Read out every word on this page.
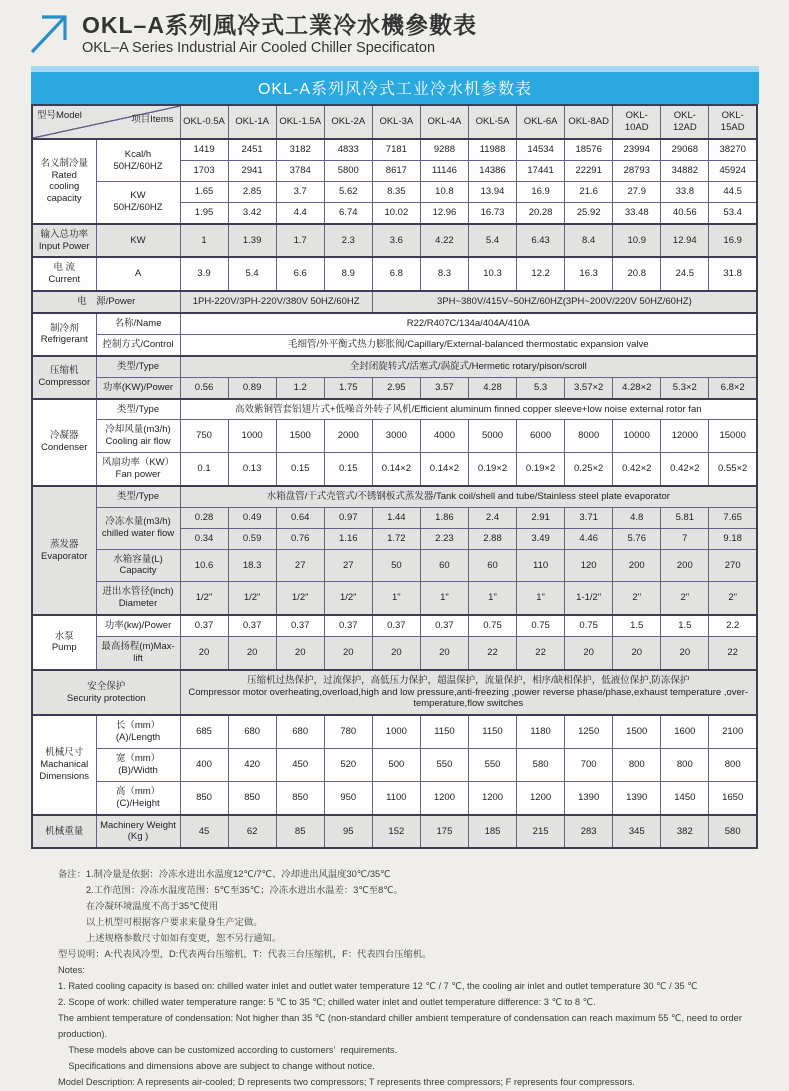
OKL–A系列風冷式工業冷水機參數表
OKL–A Series Industrial Air Cooled Chiller Specificaton
OKL-A系列风冷式工业冷水机参数表
型号Model 项目Items		OKL-0.5A	OKL-1A	OKL-1.5A	OKL-2A	OKL-3A	OKL-4A	OKL-5A	OKL-6A	OKL-8AD	OKL-10AD	OKL-12AD	OKL-15AD
名义制冷量
Rated
cooling
capacity	Kcal/h
50HZ/60HZ	1419	2451	3182	4833	7181	9288	11988	14534	18576	23994	29068	38270
		1703	2941	3784	5800	8617	11146	14386	17441	22291	28793	34882	45924
	KW
50HZ/60HZ	1.65	2.85	3.7	5.62	8.35	10.8	13.94	16.9	21.6	27.9	33.8	44.5
		1.95	3.42	4.4	6.74	10.02	12.96	16.73	20.28	25.92	33.48	40.56	53.4
输入总功率
Input Power	KW	1	1.39	1.7	2.3	3.6	4.22	5.4	6.43	8.4	10.9	12.94	16.9
电 流
Current	A	3.9	5.4	6.6	8.9	6.8	8.3	10.3	12.2	16.3	20.8	24.5	31.8
电　源/Power		1PH-220V/3PH-220V/380V 50HZ/60HZ				3PH~380V/415V~50HZ/60HZ(3PH~200V/220V 50HZ/60HZ)							
制冷剂
Refrigerant	名称/Name	R22/R407C/134a/404A/410A											
	控制方式/Control	毛细管/外平衡式热力膨胀阀/Capillary/External-balanced thermostatic expansion valve											
压缩机
Compressor	类型/Type	全封闭旋转式/活塞式/涡旋式/Hermetic rotary/pison/scroll											
	功率(KW)/Power	0.56	0.89	1.2	1.75	2.95	3.57	4.28	5.3	3.57×2	4.28×2	5.3×2	6.8×2
冷凝器
Condenser	类型/Type	高效紫铜管套铝翅片式+低噪音外转子风机/Efficient aluminum finned copper sleeve+low noise external rotor fan											
	冷却风量(m3/h)
Cooling air flow	750	1000	1500	2000	3000	4000	5000	6000	8000	10000	12000	15000
	风扇功率（KW）
Fan power	0.1	0.13	0.15	0.15	0.14×2	0.14×2	0.19×2	0.19×2	0.25×2	0.42×2	0.42×2	0.55×2
蒸发器
Evaporator	类型/Type	水箱盘管/干式壳管式/不锈钢板式蒸发器/Tank coil/shell and tube/Stainless steel plate evaporator											
	冷冻水量(m3/h)
chilled water flow	0.28	0.49	0.64	0.97	1.44	1.86	2.4	2.91	3.71	4.8	5.81	7.65
		0.34	0.59	0.76	1.16	1.72	2.23	2.88	3.49	4.46	5.76	7	9.18
	水箱容量(L)
Capacity	10.6	18.3	27	27	50	60	60	110	120	200	200	270
	进出水管径(inch)
Diameter	1/2"	1/2"	1/2"	1/2"	1"	1"	1"	1"	1-1/2"	2"	2"	2"
水泵
Pump	功率(kw)/Power	0.37	0.37	0.37	0.37	0.37	0.37	0.75	0.75	0.75	1.5	1.5	2.2
	最高扬程(m)Max-lift	20	20	20	20	20	20	22	22	20	20	20	22
安全保护
Security protection		压缩机过热保护，过流保护，高低压力保护，超温保护，流量保护，相序/缺相保护，低液位保护,防冻保护
Compressor motor overheating,overload,high and low pressure,anti-freezing ,power reverse phase/phase,exhaust temperature ,over-temperature,flow switches											
机械尺寸
Machanical
Dimensions	长（mm）(A)/Length	685	680	680	780	1000	1150	1150	1180	1250	1500	1600	2100
	宽（mm）(B)/Width	400	420	450	520	500	550	550	580	700	800	800	800
	高（mm）(C)/Height	850	850	850	950	1100	1200	1200	1200	1390	1390	1450	1650
机械重量	Machinery Weight
(Kg )	45	62	85	95	152	175	185	215	283	345	382	580
备注：1.制冷量是依据：冷冻水进出水温度12℃/7℃、冷却进出风温度30℃/35℃
　　　2.工作范围：冷冻水温度范围：5℃至35℃；冷冻水进出水温差：3℃至8℃。
　　　在冷凝环境温度不高于35℃使用
　　　以上机型可根据客户要求来量身生产定做。
　　　上述规格参数尺寸如如有变更，恕不另行通知。
型号说明：A:代表风冷型，D:代表两台压缩机，T：代表三台压缩机，F：代表四台压缩机。
Notes:
1. Rated cooling capacity is based on: chilled water inlet and outlet water temperature 12 ℃ / 7 ℃, the cooling air inlet and outlet temperature 30 ℃ / 35 ℃
2. Scope of work: chilled water temperature range: 5 ℃ to 35 ℃; chilled water inlet and outlet temperature difference: 3 ℃ to 8 ℃.
The ambient temperature of condensation: Not higher than 35 ℃ (non-standard chiller ambient temperature of condensation can reach maximum 55 ℃, need to order production).
These models above can be customized according to customers’  requirements.
Specifications and dimensions above are subject to change without notice.
Model Description: A represents air-cooled; D represents two compressors; T represents three compressors; F represents four compressors.
